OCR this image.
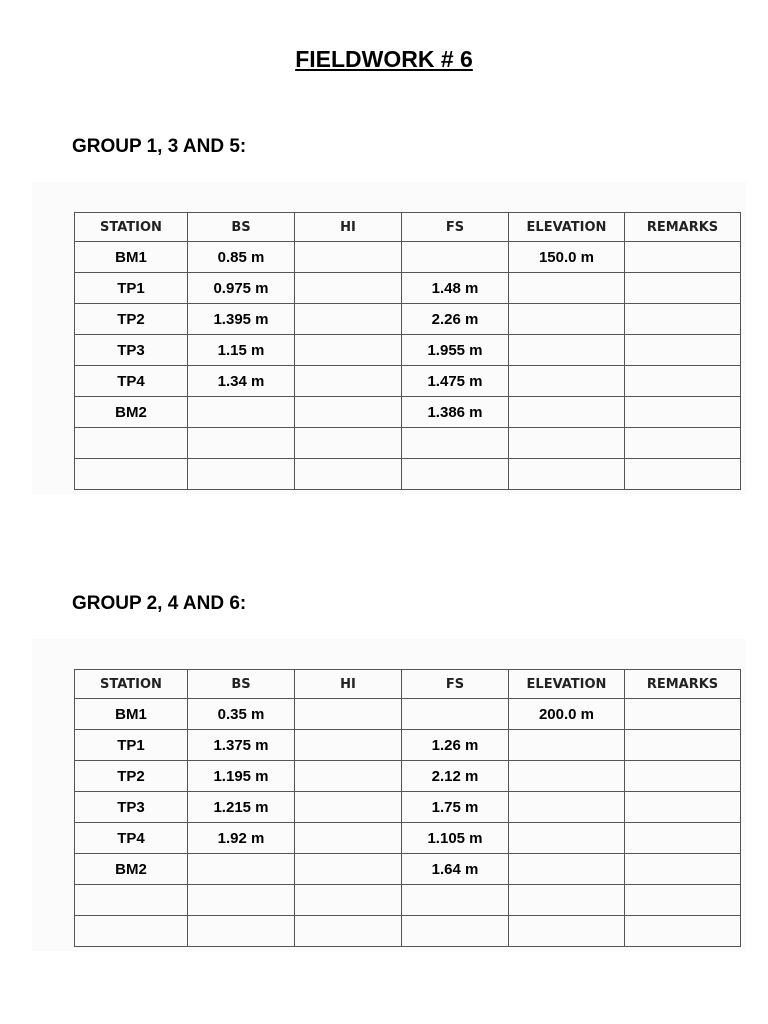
FIELDWORK # 6
GROUP 1, 3 AND 5:
STATION	BS	HI	FS	ELEVATION	REMARKS
BM1	0.85 m			150.0 m	
TP1	0.975 m		1.48 m		
TP2	1.395 m		2.26 m		
TP3	1.15 m		1.955 m		
TP4	1.34 m		1.475 m		
BM2			1.386 m		

GROUP 2, 4 AND 6:
STATION	BS	HI	FS	ELEVATION	REMARKS
BM1	0.35 m			200.0 m	
TP1	1.375 m		1.26 m		
TP2	1.195 m		2.12 m		
TP3	1.215 m		1.75 m		
TP4	1.92 m		1.105 m		
BM2			1.64 m		
